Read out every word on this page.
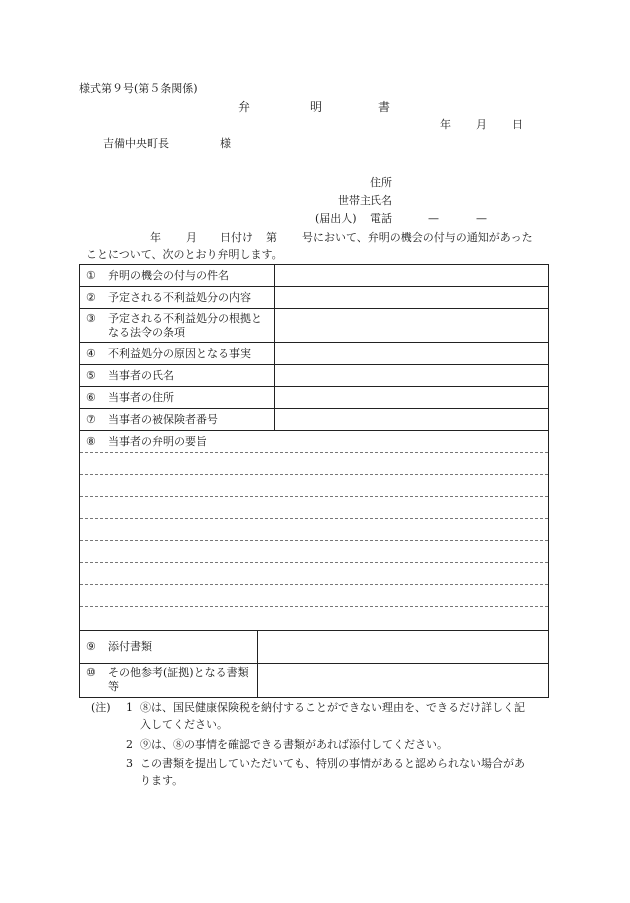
様式第９号(第５条関係)
弁	明	書
年 月 日
吉備中央町長	様
住所
世帯主 氏名
(届出人) 電話	—	—
年 月 日付け 第 号において、弁明の機会の付与の通知があった
ことについて、次のとおり弁明します。
① 弁明の機会の付与の件名	
② 予定される不利益処分の内容	
③ 予定される不利益処分の根拠となる法令の条項	
④ 不利益処分の原因となる事実	
⑤ 当事者の氏名	
⑥ 当事者の住所	
⑦ 当事者の被保険者番号	

⑧ 当事者の弁明の要旨	
⑨ 添付書類	
⑩ その他参考(証拠)となる書類等	
(注) 1 ⑧は、国民健康保険税を納付することができない理由を、できるだけ詳しく記
入してください。
2 ⑨は、⑧の事情を確認できる書類があれば添付してください。
3 この書類を提出していただいても、特別の事情があると認められない場合があ
ります。
